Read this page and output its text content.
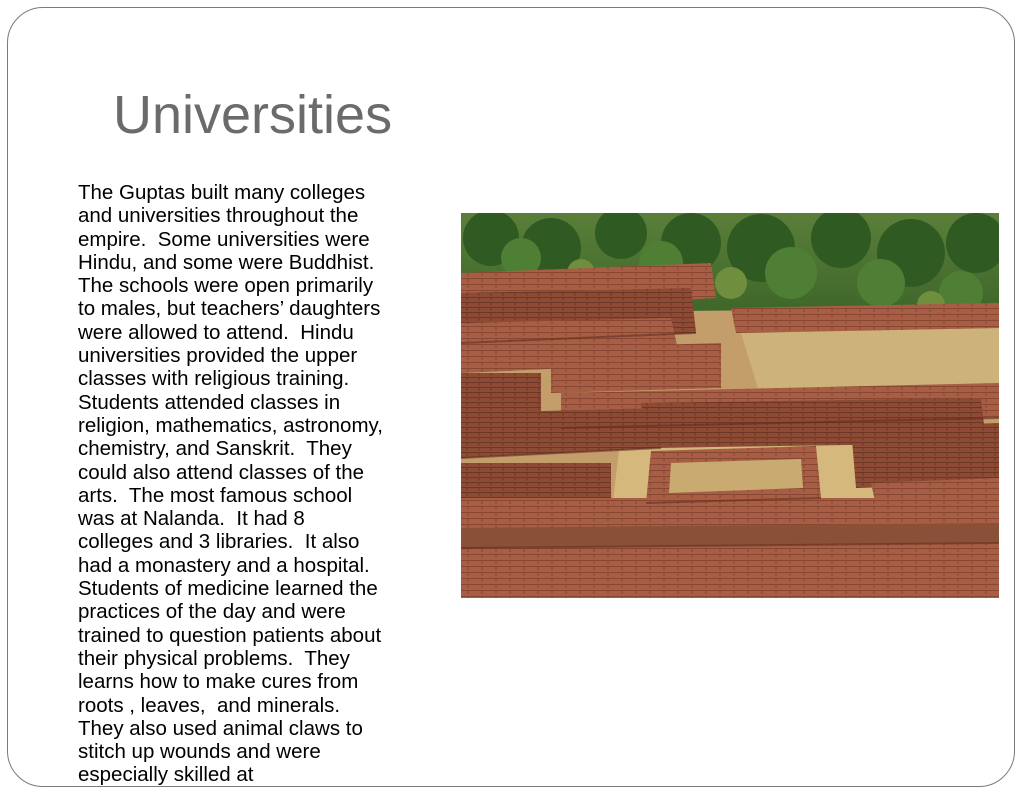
Universities
The Guptas built many colleges
and universities throughout the
empire.  Some universities were
Hindu, and some were Buddhist.
The schools were open primarily
to males, but teachers’ daughters
were allowed to attend.  Hindu
universities provided the upper
classes with religious training.
Students attended classes in
religion, mathematics, astronomy,
chemistry, and Sanskrit.  They
could also attend classes of the
arts.  The most famous school
was at Nalanda.  It had 8
colleges and 3 libraries.  It also
had a monastery and a hospital.
Students of medicine learned the
practices of the day and were
trained to question patients about
their physical problems.  They
learns how to make cures from
roots , leaves,  and minerals.
They also used animal claws to
stitch up wounds and were
especially skilled at
